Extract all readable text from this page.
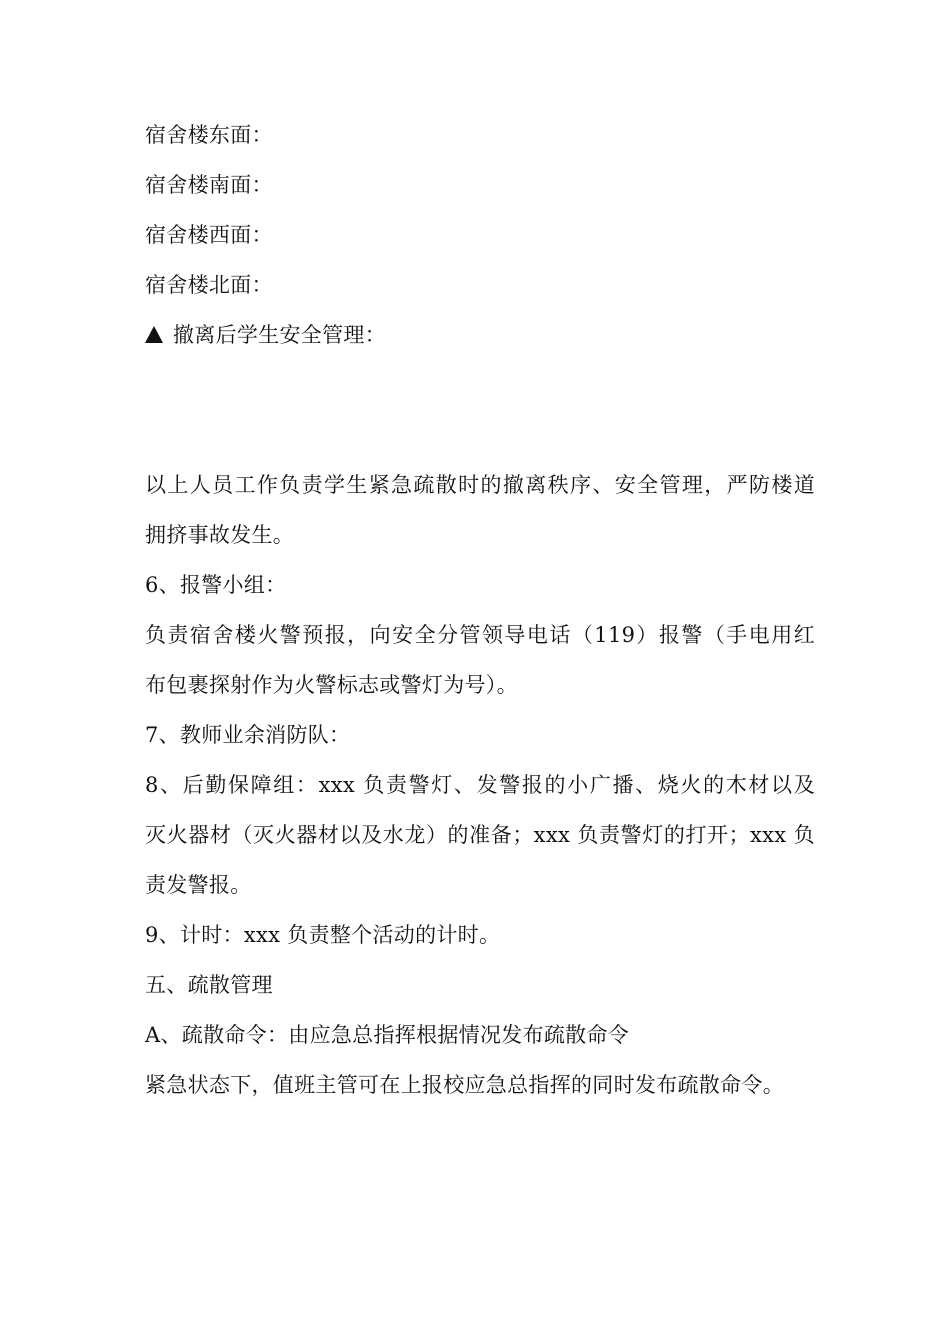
宿舍楼东面：
宿舍楼南面：
宿舍楼西面：
宿舍楼北面：
撤离后学生安全管理：
以上人员工作负责学生紧急疏散时的撤离秩序、安全管理，严防楼道
拥挤事故发生。
6、报警小组：
负责宿舍楼火警预报，向安全分管领导电话（119）报警（手电用红
布包裹探射作为火警标志或警灯为号）。
7、教师业余消防队：
8、后勤保障组：xxx 负责警灯、发警报的小广播、烧火的木材以及
灭火器材（灭火器材以及水龙）的准备；xxx 负责警灯的打开；xxx 负
责发警报。
9、计时：xxx 负责整个活动的计时。
五、疏散管理
A、疏散命令：由应急总指挥根据情况发布疏散命令
紧急状态下，值班主管可在上报校应急总指挥的同时发布疏散命令。
